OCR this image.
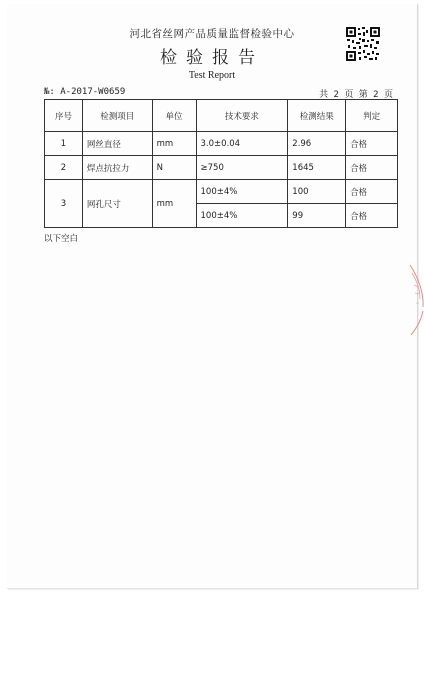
河北省丝网产品质量监督检验中心
检验报告
Test Report
№: A-2017-W0659	共 2 页 第 2 页
序号	检测项目	单位	技术要求	检测结果	判定
1	网丝直径	mm	3.0±0.04	2.96	合格
2	焊点抗拉力	N	≥750	1645	合格
3	网孔尺寸	mm	100±4%	100	合格
			100±4%	99	合格
以下空白
